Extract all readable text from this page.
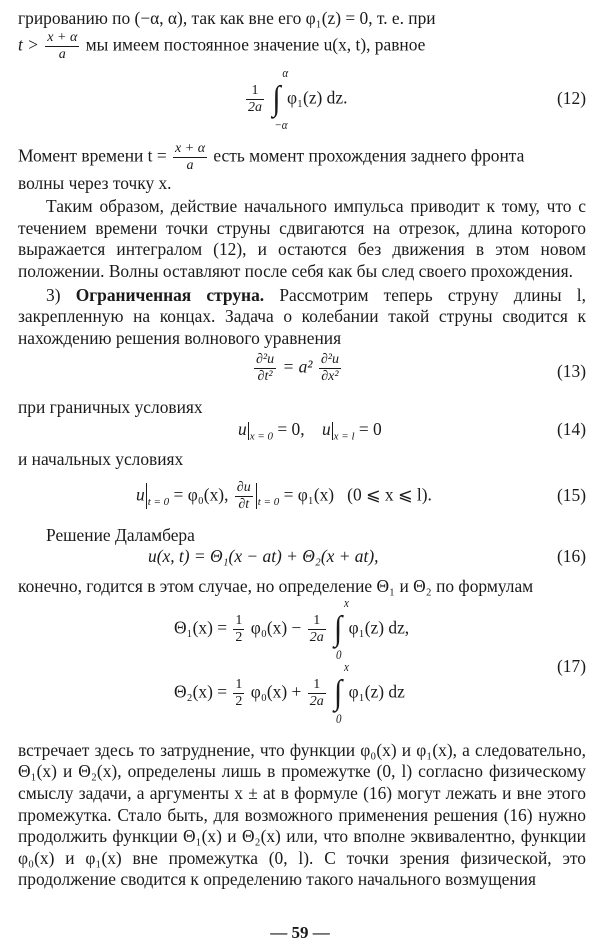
грированию по (−α, α), так как вне его φ₁(z) = 0, т. е. при

$t > \frac{x + \alpha}{a}$ мы имеем постоянное значение u(x, t), равное

$\frac{1}{2a}$ ∫
α
−α
φ₁(z) dz.	(12)

Момент времени $t = \frac{x + \alpha}{a}$ есть момент прохождения заднего фронта

волны через точку x.

Таким образом, действие начального импульса приводит к тому, что с течением времени точки струны сдвигаются на отрезок, длина которого выражается интегралом (12), и остаются без движения в этом новом положении. Волны оставляют после себя как бы след своего прохождения.

3) Ограниченная струна. Рассмотрим теперь струну длины l, закрепленную на концах. Задача о колебании такой струны сводится к нахождению решения волнового уравнения

$\frac{\text{∂²u}}{\text{∂t²}} = a^2 \frac{\text{∂²u}}{\text{∂x²}}$	(13)

при граничных условиях

u $_{x = 0}$ = 0, u $_{x = l}$ = 0	(14)

и начальных условиях

u $_{t = 0}$ = φ₀(x), $\frac{\partial u}{\partial t} _{t = 0} = \varphi_1(x)$ (0 ⩽ x ⩽ l).	(15)

Решение Даламбера

u(x, t) = Θ₁(x − at) + Θ₂(x + at),	(16)

конечно, годится в этом случае, но определение Θ₁ и Θ₂ по формулам

$\Theta_1(x) = \frac{1}{2} \varphi_0(x) - \frac{1}{2a}$ ∫
x
0
φ₁(z) dz,
$\Theta_2(x) = \frac{1}{2} \varphi_0(x) + \frac{1}{2a}$ ∫
x
0
φ₁(z) dz
(17)

встречает здесь то затруднение, что функции φ₀(x) и φ₁(x), а следовательно, Θ₁(x) и Θ₂(x), определены лишь в промежутке (0, l) согласно физическому смыслу задачи, а аргументы x ± at в формуле (16) могут лежать и вне этого промежутка. Стало быть, для возможного применения решения (16) нужно продолжить функции Θ₁(x) и Θ₂(x) или, что вполне эквивалентно, функции φ₀(x) и φ₁(x) вне промежутка (0, l). С точки зрения физической, это продолжение сводится к определению такого начального возмущения

— 59 —
